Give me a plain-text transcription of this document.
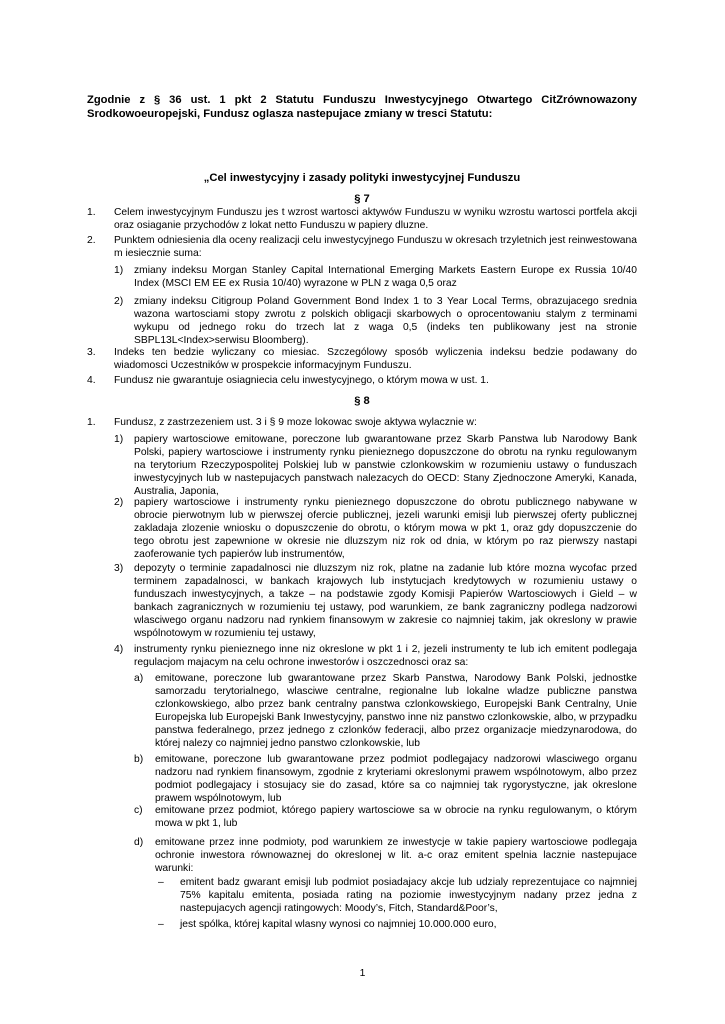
Zgodnie z § 36 ust. 1 pkt 2 Statutu Funduszu Inwestycyjnego Otwartego CitZrównowazony Srodkowoeuropejski, Fundusz oglasza nastepujace zmiany w tresci Statutu:
„Cel inwestycyjny i zasady polityki inwestycyjnej Funduszu
§ 7
1. Celem inwestycyjnym Funduszu jes t wzrost wartosci aktywów Funduszu w wyniku wzrostu wartosci portfela akcji oraz osiaganie przychodów z lokat netto Funduszu w papiery dluzne.
2. Punktem odniesienia dla oceny realizacji celu inwestycyjnego Funduszu w okresach trzyletnich jest reinwestowana m iesiecznie suma:
1) zmiany indeksu Morgan Stanley Capital International Emerging Markets Eastern Europe ex Russia 10/40 Index (MSCI EM EE ex Rusia 10/40) wyrazone w PLN z waga 0,5 oraz
2) zmiany indeksu Citigroup Poland Government Bond Index 1 to 3 Year Local Terms, obrazujacego srednia wazona wartosciami stopy zwrotu z polskich obligacji skarbowych o oprocentowaniu stalym z terminami wykupu od jednego roku do trzech lat z waga 0,5 (indeks ten publikowany jest na stronie SBPL13L<Index>serwisu Bloomberg).
3. Indeks ten bedzie wyliczany co miesiac. Szczególowy sposób wyliczenia indeksu bedzie podawany do wiadomosci Uczestników w prospekcie informacyjnym Funduszu.
4. Fundusz nie gwarantuje osiagniecia celu inwestycyjnego, o którym mowa w ust. 1.
§ 8
1. Fundusz, z zastrzezeniem ust. 3 i § 9 moze lokowac swoje aktywa wylacznie w:
1) papiery wartosciowe emitowane, poreczone lub gwarantowane przez Skarb Panstwa lub Narodowy Bank Polski, papiery wartosciowe i instrumenty rynku pienieznego dopuszczone do obrotu na rynku regulowanym na terytorium Rzeczypospolitej Polskiej lub w panstwie czlonkowskim w rozumieniu ustawy o funduszach inwestycyjnych lub w nastepujacych panstwach nalezacych do OECD: Stany Zjednoczone Ameryki, Kanada, Australia, Japonia,
2) papiery wartosciowe i instrumenty rynku pienieznego dopuszczone do obrotu publicznego nabywane w obrocie pierwotnym lub w pierwszej ofercie publicznej, jezeli warunki emisji lub pierwszej oferty publicznej zakladaja zlozenie wniosku o dopuszczenie do obrotu, o którym mowa w pkt 1, oraz gdy dopuszczenie do tego obrotu jest zapewnione w okresie nie dluzszym niz rok od dnia, w którym po raz pierwszy nastapi zaoferowanie tych papierów lub instrumentów,
3) depozyty o terminie zapadalnosci nie dluzszym niz rok, platne na zadanie lub które mozna wycofac przed terminem zapadalnosci, w bankach krajowych lub instytucjach kredytowych w rozumieniu ustawy o funduszach inwestycyjnych, a takze – na podstawie zgody Komisji Papierów Wartosciowych i Gield – w bankach zagranicznych w rozumieniu tej ustawy, pod warunkiem, ze bank zagraniczny podlega nadzorowi wlasciwego organu nadzoru nad rynkiem finansowym w zakresie co najmniej takim, jak okreslony w prawie wspólnotowym w rozumieniu tej ustawy,
4) instrumenty rynku pienieznego inne niz okreslone w pkt 1 i 2, jezeli instrumenty te lub ich emitent podlegaja regulacjom majacym na celu ochrone inwestorów i oszczednosci oraz sa:
a) emitowane, poreczone lub gwarantowane przez Skarb Panstwa, Narodowy Bank Polski, jednostke samorzadu terytorialnego, wlasciwe centralne, regionalne lub lokalne wladze publiczne panstwa czlonkowskiego, albo przez bank centralny panstwa czlonkowskiego, Europejski Bank Centralny, Unie Europejska lub Europejski Bank Inwestycyjny, panstwo inne niz panstwo czlonkowskie, albo, w przypadku panstwa federalnego, przez jednego z czlonków federacji, albo przez organizacje miedzynarodowa, do której nalezy co najmniej jedno panstwo czlonkowskie, lub
b) emitowane, poreczone lub gwarantowane przez podmiot podlegajacy nadzorowi wlasciwego organu nadzoru nad rynkiem finansowym, zgodnie z kryteriami okreslonymi prawem wspólnotowym, albo przez podmiot podlegajacy i stosujacy sie do zasad, które sa co najmniej tak rygorystyczne, jak okreslone prawem wspólnotowym, lub
c) emitowane przez podmiot, którego papiery wartosciowe sa w obrocie na rynku regulowanym, o którym mowa w pkt 1, lub
d) emitowane przez inne podmioty, pod warunkiem ze inwestycje w takie papiery wartosciowe podlegaja ochronie inwestora równowaznej do okreslonej w lit. a-c oraz emitent spelnia lacznie nastepujace warunki:
– emitent badz gwarant emisji lub podmiot posiadajacy akcje lub udzialy reprezentujace co najmniej 75% kapitalu emitenta, posiada rating na poziomie inwestycyjnym nadany przez jedna z nastepujacych agencji ratingowych: Moody’s, Fitch, Standard&Poor’s,
– jest spólka, której kapital wlasny wynosi co najmniej 10.000.000 euro,
1
